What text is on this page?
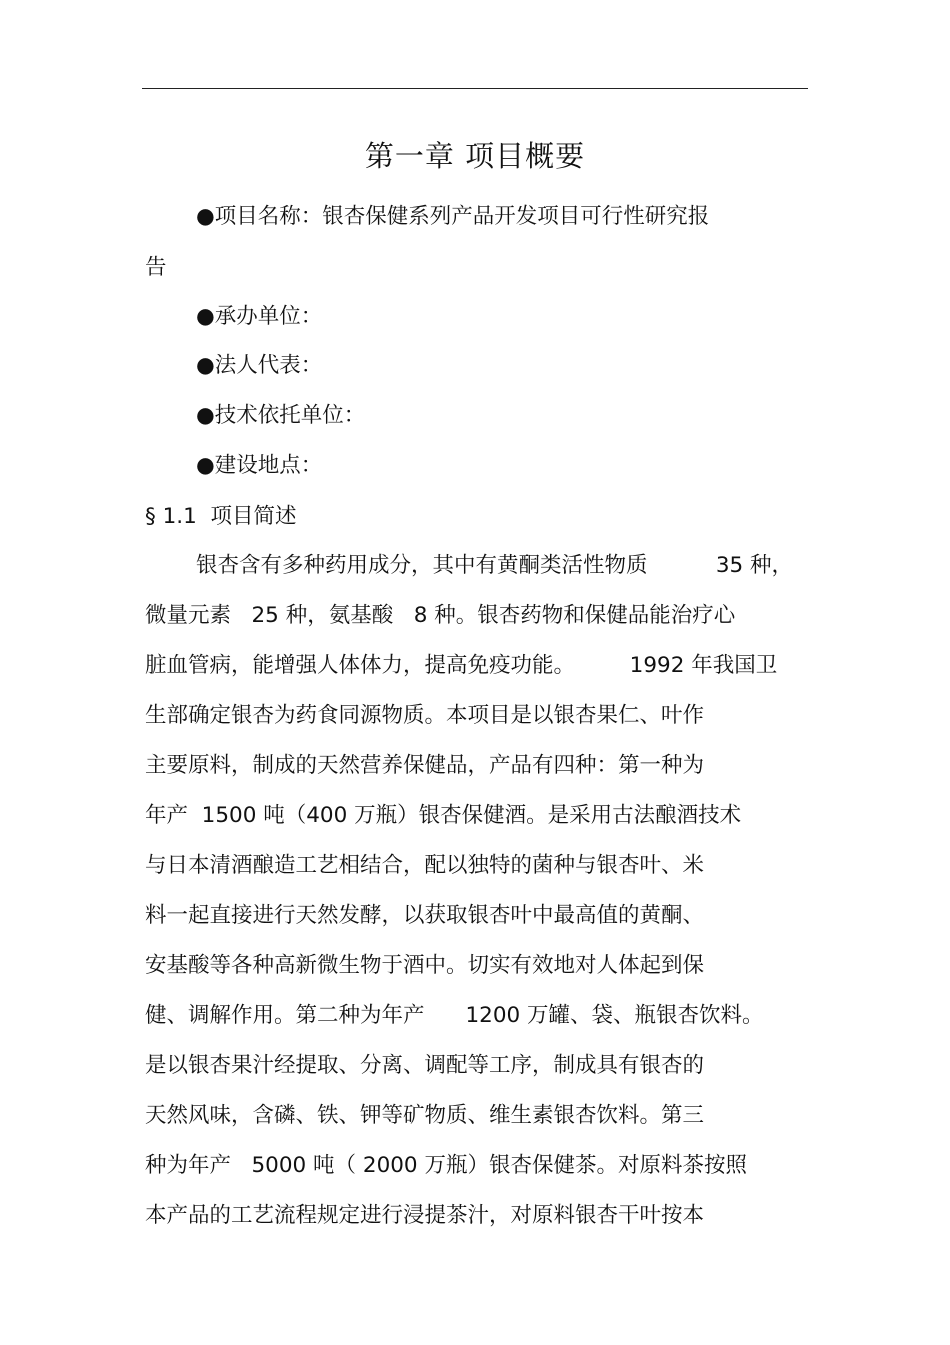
第一章 项目概要
●项目名称：银杏保健系列产品开发项目可行性研究报
告
●承办单位：
●法人代表：
●技术依托单位：
●建设地点：
§ 1.1  项目简述
银杏含有多种药用成分，其中有黄酮类活性物质          35 种，
微量元素   25 种，氨基酸   8 种。银杏药物和保健品能治疗心
脏血管病，能增强人体体力，提高免疫功能。        1992 年我国卫
生部确定银杏为药食同源物质。本项目是以银杏果仁、叶作
主要原料，制成的天然营养保健品，产品有四种：第一种为
年产  1500 吨（400 万瓶）银杏保健酒。是采用古法酿酒技术
与日本清酒酿造工艺相结合，配以独特的菌种与银杏叶、米
料一起直接进行天然发酵，以获取银杏叶中最高值的黄酮、
安基酸等各种高新微生物于酒中。切实有效地对人体起到保
健、调解作用。第二种为年产      1200 万罐、袋、瓶银杏饮料。
是以银杏果汁经提取、分离、调配等工序，制成具有银杏的
天然风味，含磷、铁、钾等矿物质、维生素银杏饮料。第三
种为年产   5000 吨（ 2000 万瓶）银杏保健茶。对原料茶按照
本产品的工艺流程规定进行浸提茶汁，对原料银杏干叶按本
